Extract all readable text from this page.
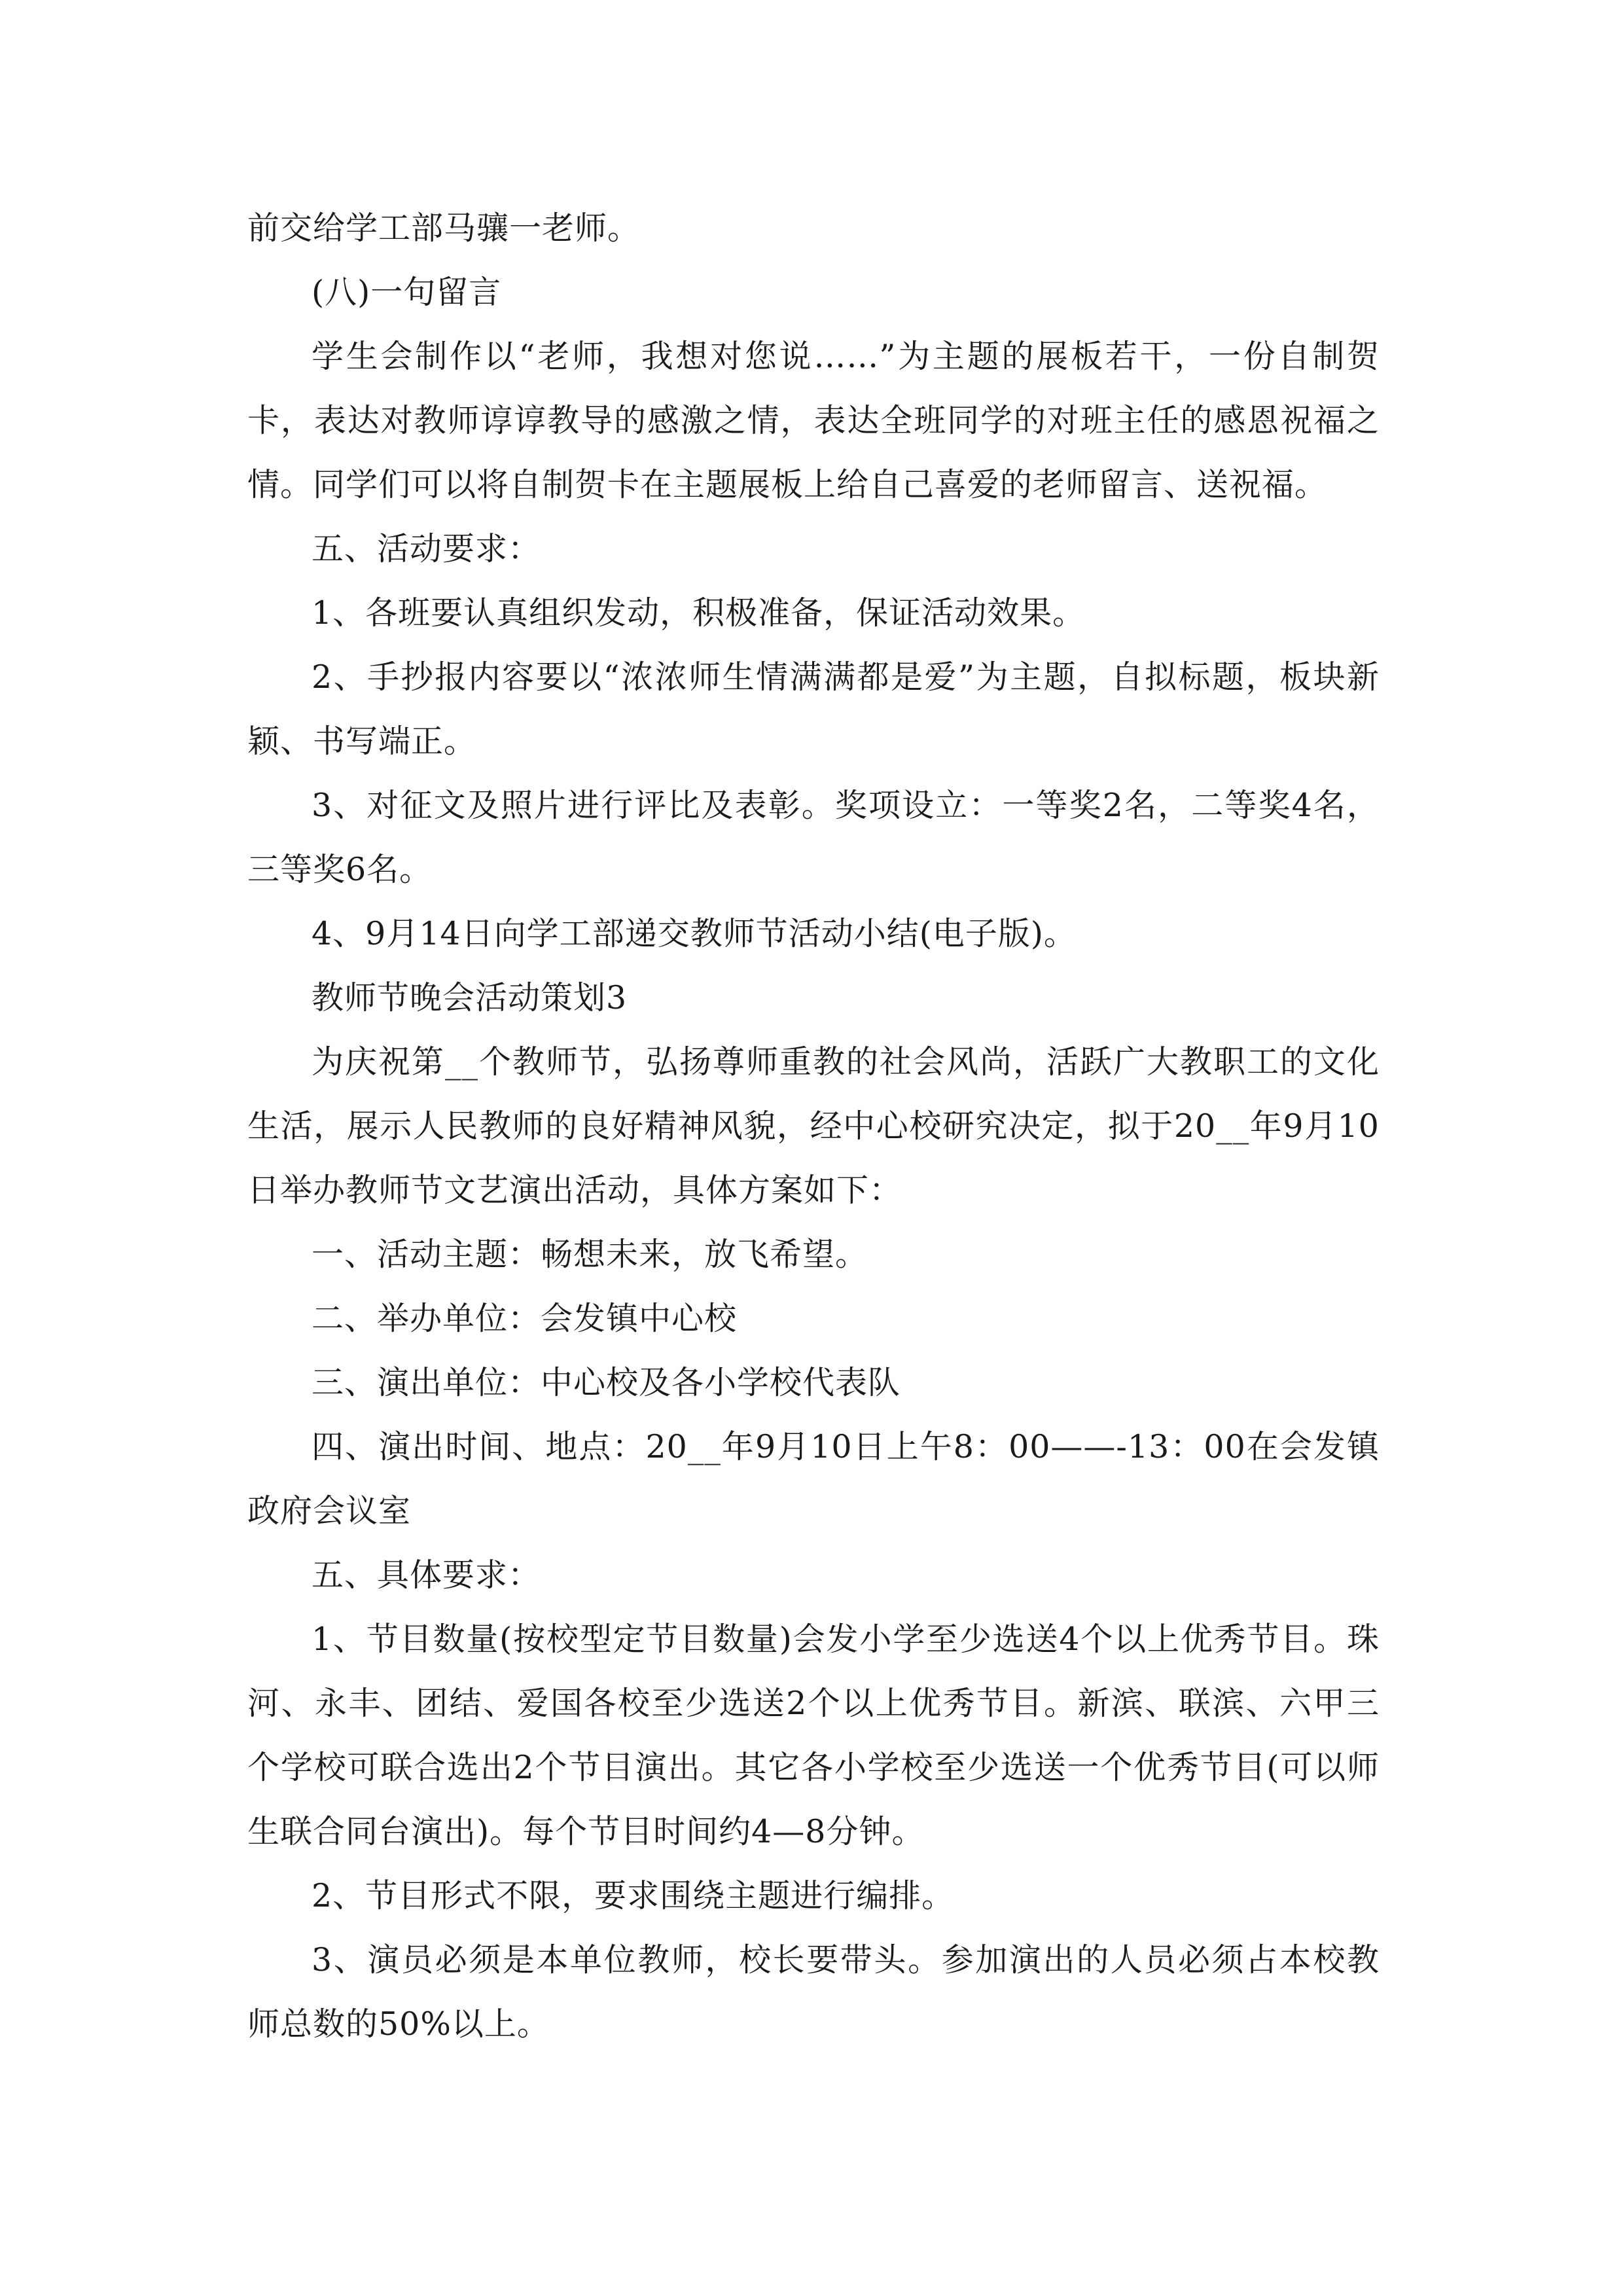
前交给学工部马骧一老师。

(八)一句留言

学生会制作以“老师，我想对您说……”为主题的展板若干，一份自制贺卡，表达对教师谆谆教导的感激之情，表达全班同学的对班主任的感恩祝福之情。同学们可以将自制贺卡在主题展板上给自己喜爱的老师留言、送祝福。

五、活动要求：

1、各班要认真组织发动，积极准备，保证活动效果。

2、手抄报内容要以“浓浓师生情满满都是爱”为主题，自拟标题，板块新颖、书写端正。

3、对征文及照片进行评比及表彰。奖项设立：一等奖2名，二等奖4名，三等奖6名。

4、9月14日向学工部递交教师节活动小结(电子版)。

教师节晚会活动策划3

为庆祝第__个教师节，弘扬尊师重教的社会风尚，活跃广大教职工的文化生活，展示人民教师的良好精神风貌，经中心校研究决定，拟于20__年9月10日举办教师节文艺演出活动，具体方案如下：

一、活动主题：畅想未来，放飞希望。

二、举办单位：会发镇中心校

三、演出单位：中心校及各小学校代表队

四、演出时间、地点：20__年9月10日上午8：00——-13：00在会发镇政府会议室

五、具体要求：

1、节目数量(按校型定节目数量)会发小学至少选送4个以上优秀节目。珠河、永丰、团结、爱国各校至少选送2个以上优秀节目。新滨、联滨、六甲三个学校可联合选出2个节目演出。其它各小学校至少选送一个优秀节目(可以师生联合同台演出)。每个节目时间约4—8分钟。

2、节目形式不限，要求围绕主题进行编排。

3、演员必须是本单位教师，校长要带头。参加演出的人员必须占本校教师总数的50%以上。
